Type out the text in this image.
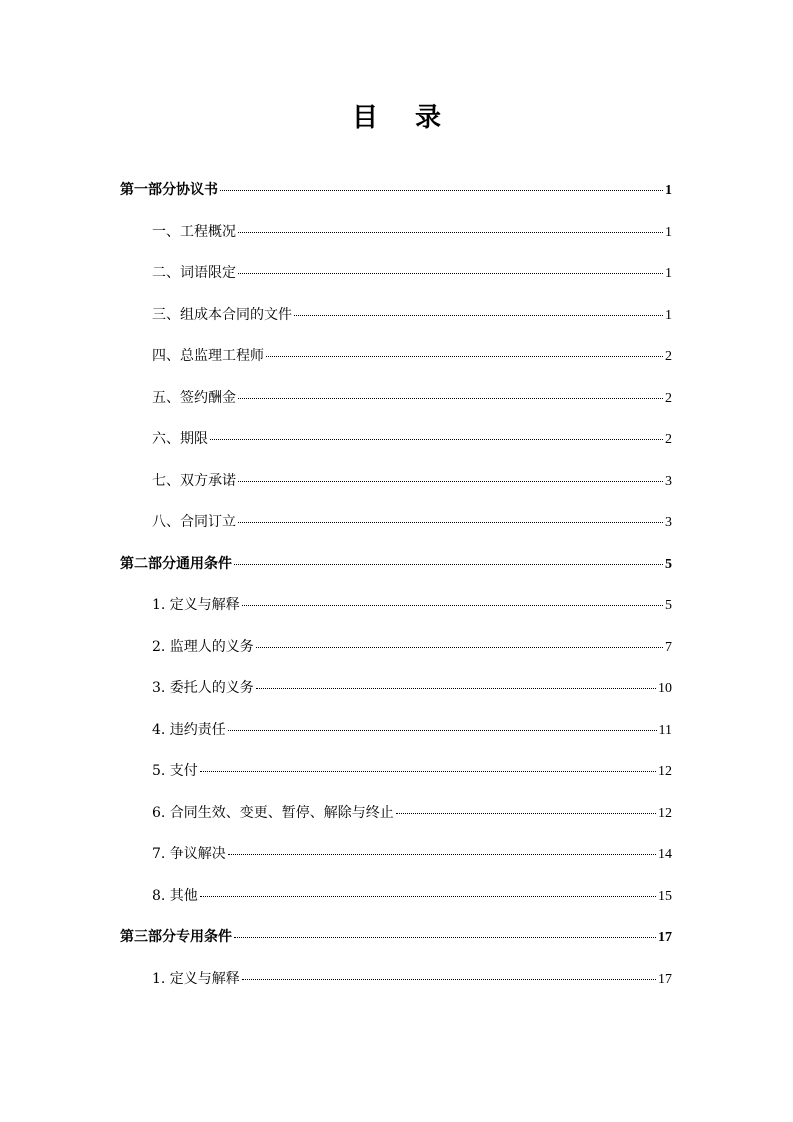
目 录
第一部分协议书	1
一、工程概况	1
二、词语限定	1
三、组成本合同的文件	1
四、总监理工程师	2
五、签约酬金	2
六、期限	2
七、双方承诺	3
八、合同订立	3
第二部分通用条件	5
1. 定义与解释	5
2. 监理人的义务	7
3. 委托人的义务	10
4. 违约责任	11
5. 支付	12
6. 合同生效、变更、暂停、解除与终止	12
7. 争议解决	14
8. 其他	15
第三部分专用条件	17
1. 定义与解释	17
